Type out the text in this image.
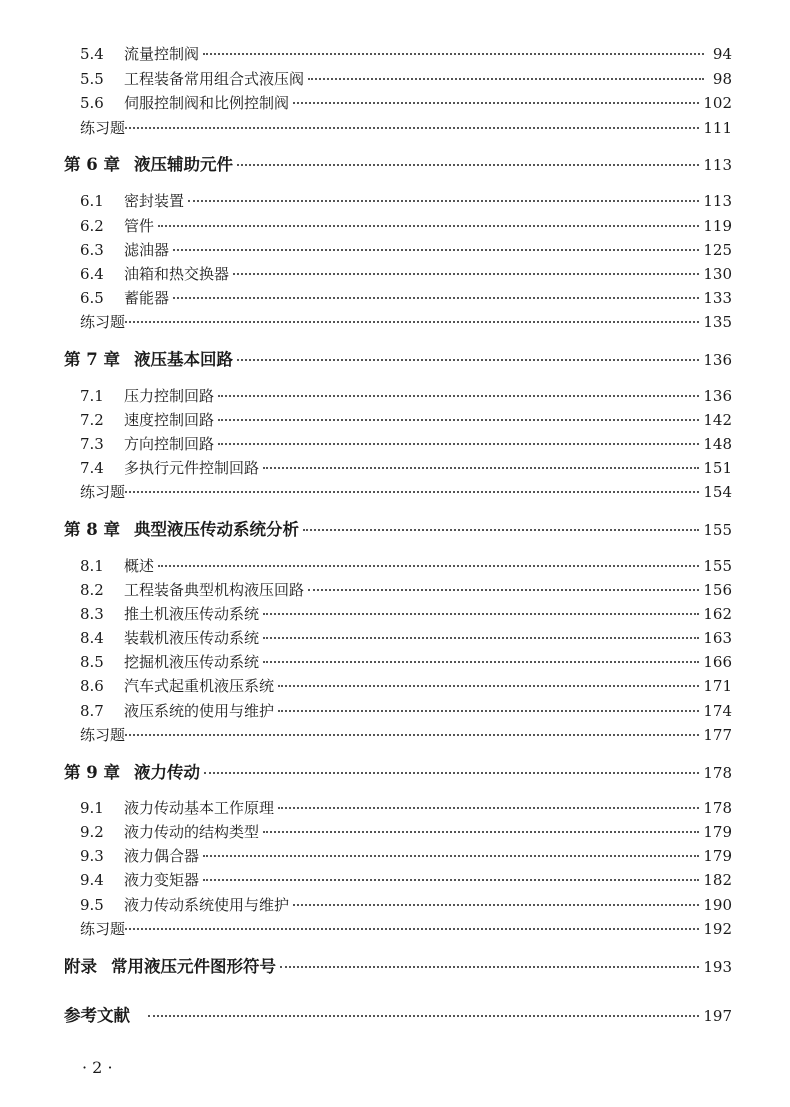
5.4	流量控制阀	94
5.5	工程装备常用组合式液压阀	98
5.6	伺服控制阀和比例控制阀	102
练习题	111
第 6 章 液压辅助元件	113
6.1	密封装置	113
6.2	管件	119
6.3	滤油器	125
6.4	油箱和热交换器	130
6.5	蓄能器	133
练习题	135
第 7 章 液压基本回路	136
7.1	压力控制回路	136
7.2	速度控制回路	142
7.3	方向控制回路	148
7.4	多执行元件控制回路	151
练习题	154
第 8 章 典型液压传动系统分析	155
8.1	概述	155
8.2	工程装备典型机构液压回路	156
8.3	推土机液压传动系统	162
8.4	装载机液压传动系统	163
8.5	挖掘机液压传动系统	166
8.6	汽车式起重机液压系统	171
8.7	液压系统的使用与维护	174
练习题	177
第 9 章 液力传动	178
9.1	液力传动基本工作原理	178
9.2	液力传动的结构类型	179
9.3	液力偶合器	179
9.4	液力变矩器	182
9.5	液力传动系统使用与维护	190
练习题	192
附录 常用液压元件图形符号	193
参考文献	197
· 2 ·
